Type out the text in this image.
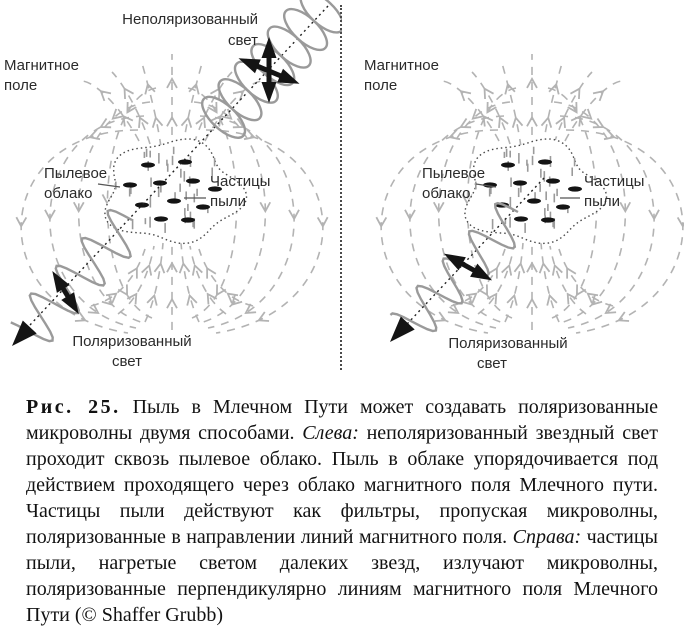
Неполяризованный
свет
Магнитное
поле
Пылевое
облако
Частицы
пыли
Поляризованный
свет
Магнитное
поле
Пылевое
облако
Частицы
пыли
Поляризованный
свет

Рис. 25. Пыль в Млечном Пути может создавать поляризованные микроволны двумя способами. Слева: неполяризованный звездный свет проходит сквозь пылевое облако. Пыль в облаке упорядочивается под действием проходящего через облако магнитного поля Млечного пути. Частицы пыли действуют как фильтры, пропуская микроволны, поляризованные в направлении линий магнитного поля. Справа: частицы пыли, нагретые светом далеких звезд, излучают микроволны, поляризованные перпендикулярно линиям магнитного поля Млечного Пути (© Shaffer Grubb)
